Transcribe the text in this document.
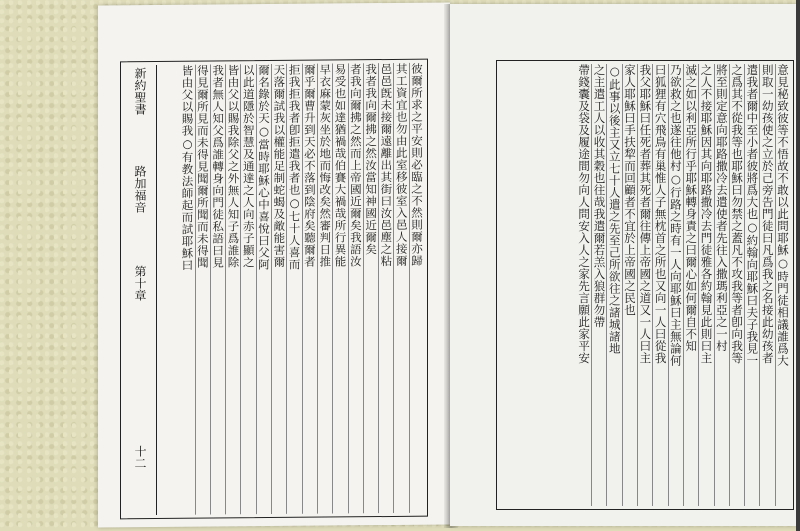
彼爾所求之平安則必臨之不然則爾亦歸
其工資宜也勿由此室移彼室入邑人接爾
邑邑旣未接爾遠離出其街曰汝邑塵之粘
我者我向爾拂之然汝當知神國近爾矣
者我向爾拂之然而上帝國近爾矣我語汝
易受也如達猶禍哉伯賽大禍哉所行異能
早衣麻蒙灰坐於地而悔改矣然審判日推
爾乎爾曹升到天必不落到陰府矣聽爾者
拒我拒我者卽拒遣我者也○七十人喜而
天落爾試我以權能足制蛇蝎及敵能害爾
爾名錄於天○當時耶穌心中喜悅曰父阿
以此道隱於智慧及通達之人向赤子顯之
皆由父以賜我除父之外無人知子爲誰除
我者無人知父爲誰轉身向門徒私語曰見
得見爾所見而未得見聞爾所聞而未得聞
皆由父以賜我○有教法師起而試耶穌曰
新約聖書
路加福音
第十章
十二
意見秘致彼等不悟故不敢以此問耶穌○時門徒相議誰爲大
則取一幼孩使之立於己旁告門徒曰凡爲我之名接此幼孩者
遣我者爾中至小者彼將爲大也○約翰向耶穌曰夫子我見一
之爲其不從我等也耶穌曰勿禁之蓋凡不攻我等者卽向我等
將至則定意向耶路撒冷去遣使者先往入撒瑪利亞之一村
之人不接耶穌因其向耶路撒冷去門徒雅各約翰見此則曰主
滅之如以利亞所行乎耶穌轉身責之曰爾心如何爾自不知
乃欲救之也遂往他村○行路之時有一人向耶穌曰主無論何
曰狐狸有穴飛鳥有巢惟人子無枕首之所也又向一人曰從我
我父耶穌曰任死者葬其死者爾往傳上帝國之道又一人曰主
家人耶穌曰手扶犂而回顧者不宜於上帝國之民也
○此事以後主又立七十人遣之先至己所欲往之諸城諸地
之主遣工人以收其穀也往哉我遣爾若羔入狼群勿帶
帶錢囊及袋及履途間勿向人問安入人之家先言願此家平安
